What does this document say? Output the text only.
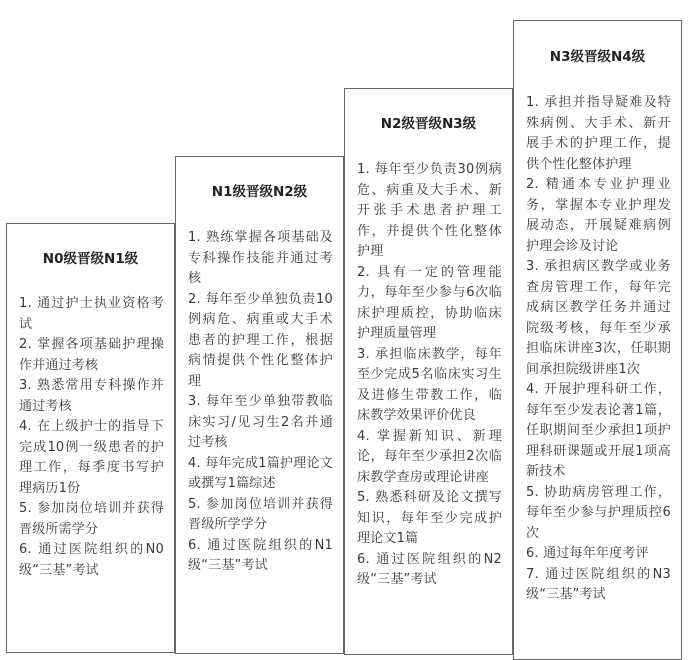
N0级晋级N1级
1. 通过护士执业资格考试
2. 掌握各项基础护理操作并通过考核
3. 熟悉常用专科操作并通过考核
4. 在上级护士的指导下完成10例一级患者的护理工作，每季度书写护理病历1份
5. 参加岗位培训并获得晋级所需学分
6. 通过医院组织的N0级“三基”考试
N1级晋级N2级
1. 熟练掌握各项基础及专科操作技能并通过考核
2. 每年至少单独负责10例病危、病重或大手术患者的护理工作，根据病情提供个性化整体护理
3. 每年至少单独带教临床实习/见习生2名并通过考核
4. 每年完成1篇护理论文或撰写1篇综述
5. 参加岗位培训并获得晋级所学学分
6. 通过医院组织的N1级“三基”考试
N2级晋级N3级
1. 每年至少负责30例病危、病重及大手术、新开张手术患者护理工作，并提供个性化整体护理
2. 具有一定的管理能力，每年至少参与6次临床护理质控，协助临床护理质量管理
3. 承担临床教学，每年至少完成5名临床实习生及进修生带教工作，临床教学效果评价优良
4. 掌握新知识、新理论，每年至少承担2次临床教学查房或理论讲座
5. 熟悉科研及论文撰写知识，每年至少完成护理论文1篇
6. 通过医院组织的N2级“三基”考试
N3级晋级N4级
1. 承担并指导疑难及特殊病例、大手术、新开展手术的护理工作，提供个性化整体护理
2. 精通本专业护理业务，掌握本专业护理发展动态，开展疑难病例护理会诊及讨论
3. 承担病区教学或业务查房管理工作，每年完成病区教学任务并通过院级考核，每年至少承担临床讲座3次，任职期间承担院级讲座1次
4. 开展护理科研工作，每年至少发表论著1篇，任职期间至少承担1项护理科研课题或开展1项高新技术
5. 协助病房管理工作，每年至少参与护理质控6次
6. 通过每年年度考评
7. 通过医院组织的N3级“三基”考试
